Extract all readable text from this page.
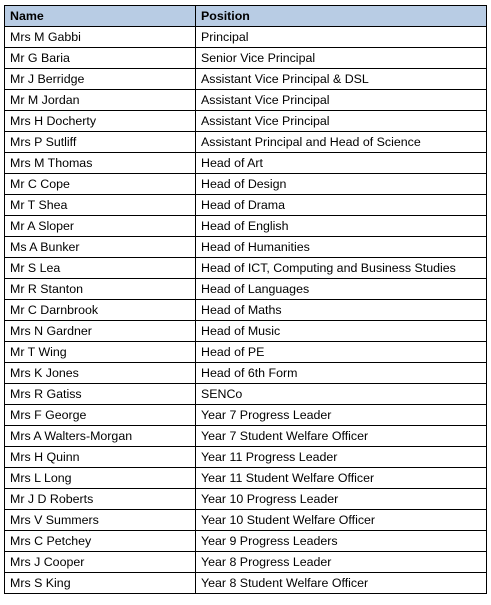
Name	Position
Mrs M Gabbi	Principal
Mr G Baria	Senior Vice Principal
Mr J Berridge	Assistant Vice Principal & DSL
Mr M Jordan	Assistant Vice Principal
Mrs H Docherty	Assistant Vice Principal
Mrs P Sutliff	Assistant Principal and Head of Science
Mrs M Thomas	Head of Art
Mr C Cope	Head of Design
Mr T Shea	Head of Drama
Mr A Sloper	Head of English
Ms A Bunker	Head of Humanities
Mr S Lea	Head of ICT, Computing and Business Studies
Mr R Stanton	Head of Languages
Mr C Darnbrook	Head of Maths
Mrs N Gardner	Head of Music
Mr T Wing	Head of PE
Mrs K Jones	Head of 6th Form
Mrs R Gatiss	SENCo
Mrs F George	Year 7 Progress Leader
Mrs A Walters-Morgan	Year 7 Student Welfare Officer
Mrs H Quinn	Year 11 Progress Leader
Mrs L Long	Year 11 Student Welfare Officer
Mr J D Roberts	Year 10 Progress Leader
Mrs V Summers	Year 10 Student Welfare Officer
Mrs C Petchey	Year 9 Progress Leaders
Mrs J Cooper	Year 8 Progress Leader
Mrs S King	Year 8 Student Welfare Officer
